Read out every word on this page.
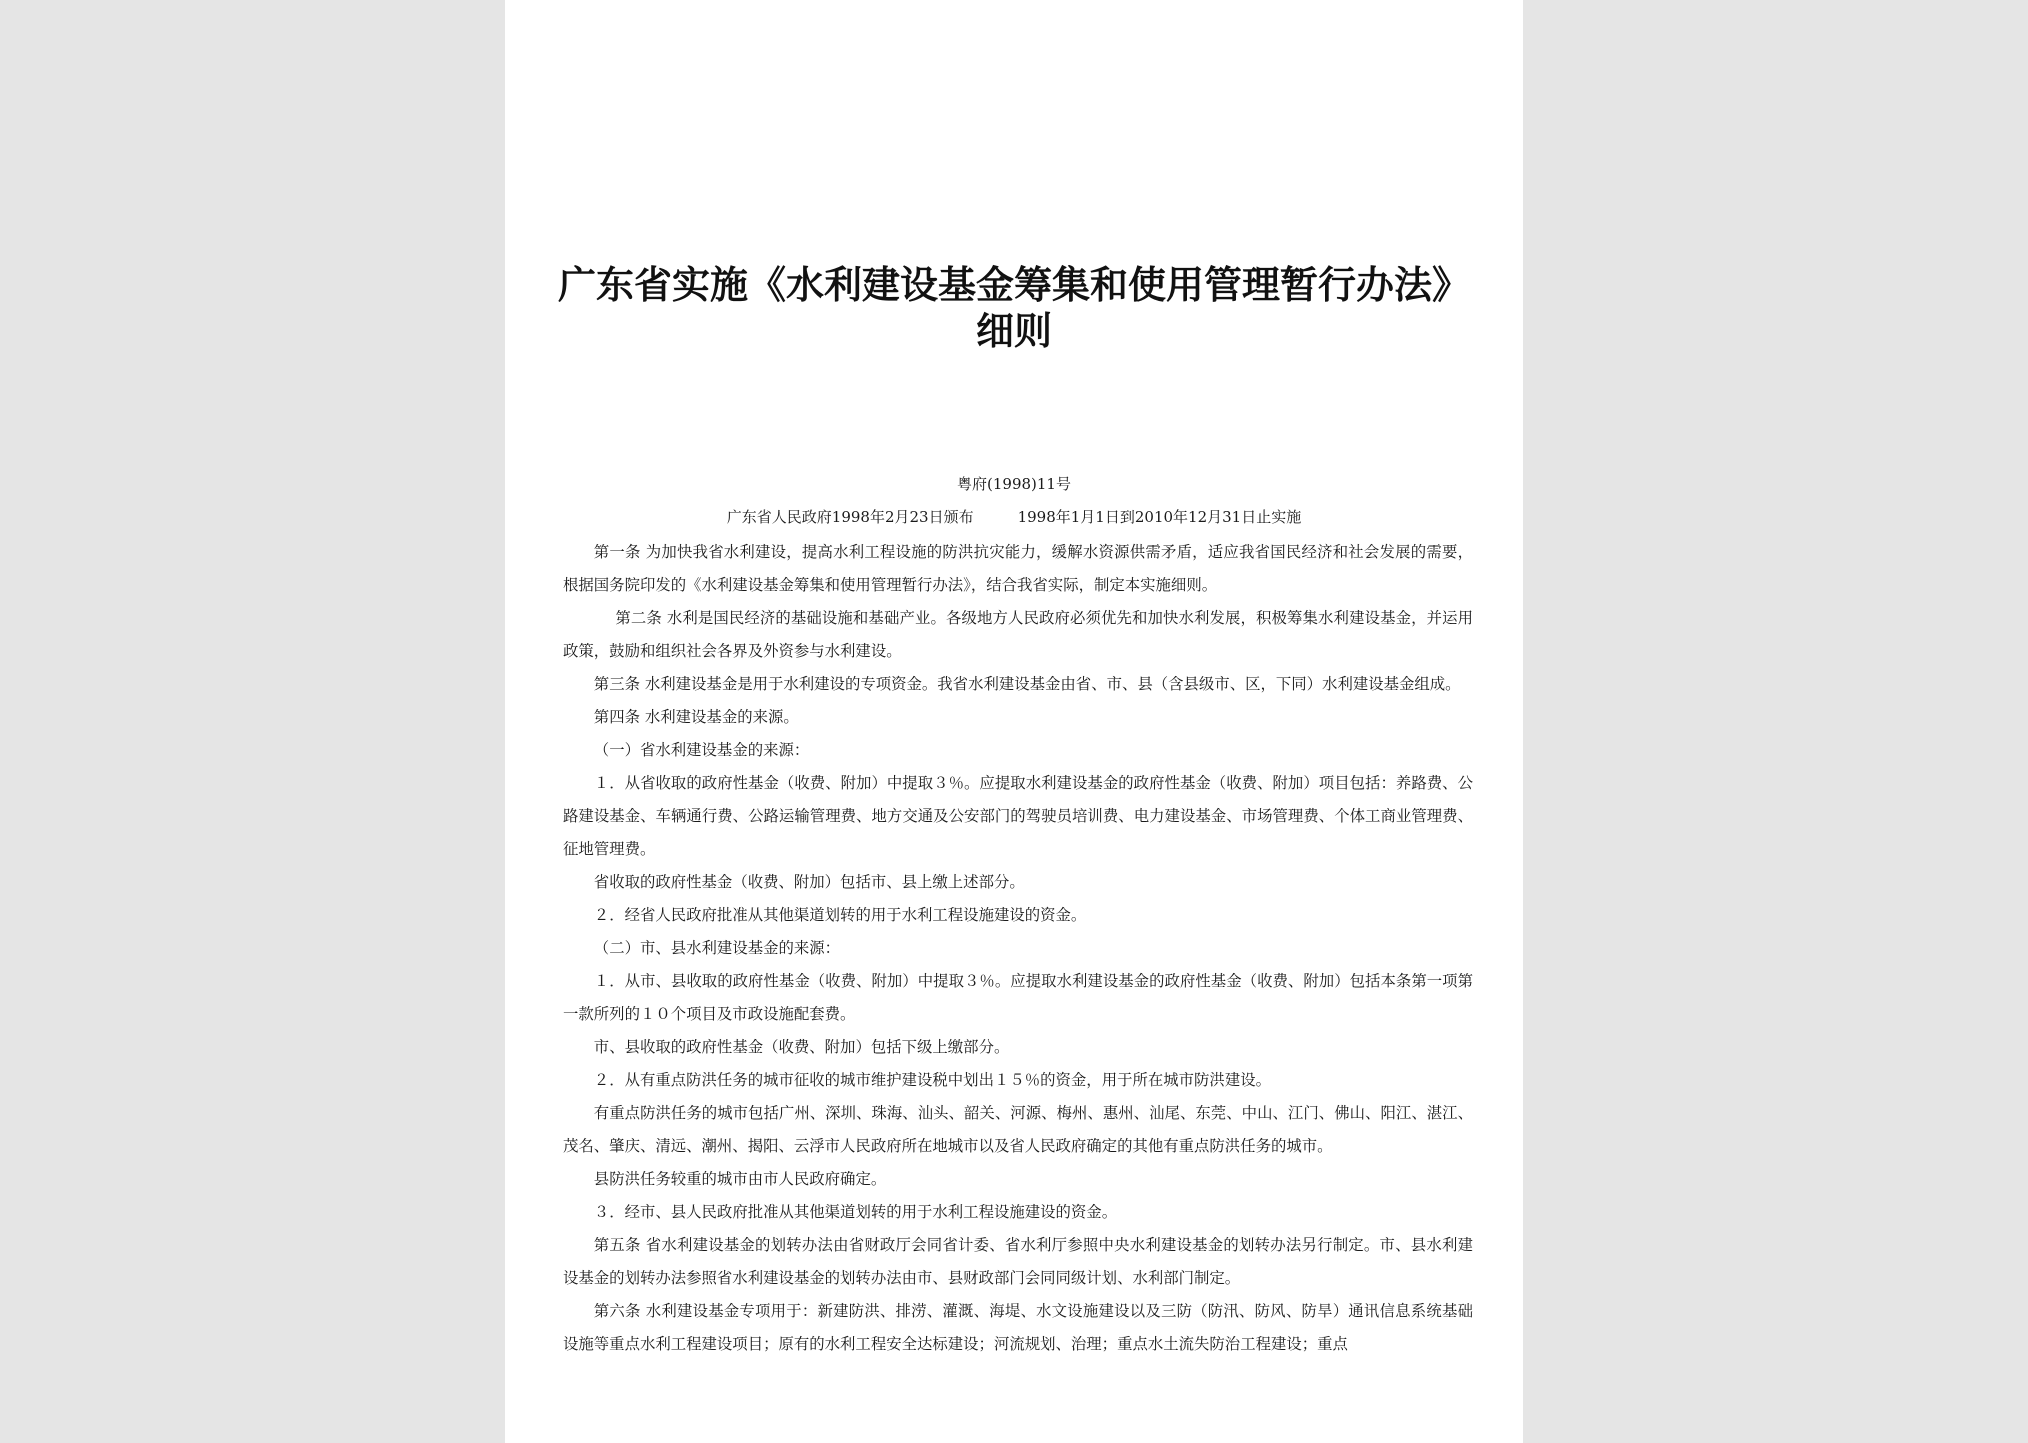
广东省实施《水利建设基金筹集和使用管理暂行办法》
细则
粤府(1998)11号
广东省人民政府1998年2月23日颁布	1998年1月1日到2010年12月31日止实施

第一条 为加快我省水利建设，提高水利工程设施的防洪抗灾能力，缓解水资源供需矛盾，适应我省国民经济和社会发展的需要，根据国务院印发的《水利建设基金筹集和使用管理暂行办法》，结合我省实际，制定本实施细则。

第二条 水利是国民经济的基础设施和基础产业。各级地方人民政府必须优先和加快水利发展，积极筹集水利建设基金，并运用政策，鼓励和组织社会各界及外资参与水利建设。

第三条 水利建设基金是用于水利建设的专项资金。我省水利建设基金由省、市、县（含县级市、区，下同）水利建设基金组成。

第四条 水利建设基金的来源。

（一）省水利建设基金的来源：

１．从省收取的政府性基金（收费、附加）中提取３％。应提取水利建设基金的政府性基金（收费、附加）项目包括：养路费、公路建设基金、车辆通行费、公路运输管理费、地方交通及公安部门的驾驶员培训费、电力建设基金、市场管理费、个体工商业管理费、征地管理费。

省收取的政府性基金（收费、附加）包括市、县上缴上述部分。

２．经省人民政府批准从其他渠道划转的用于水利工程设施建设的资金。

（二）市、县水利建设基金的来源：

１．从市、县收取的政府性基金（收费、附加）中提取３％。应提取水利建设基金的政府性基金（收费、附加）包括本条第一项第一款所列的１０个项目及市政设施配套费。

市、县收取的政府性基金（收费、附加）包括下级上缴部分。

２．从有重点防洪任务的城市征收的城市维护建设税中划出１５％的资金，用于所在城市防洪建设。

有重点防洪任务的城市包括广州、深圳、珠海、汕头、韶关、河源、梅州、惠州、汕尾、东莞、中山、江门、佛山、阳江、湛江、茂名、肇庆、清远、潮州、揭阳、云浮市人民政府所在地城市以及省人民政府确定的其他有重点防洪任务的城市。

县防洪任务较重的城市由市人民政府确定。

３．经市、县人民政府批准从其他渠道划转的用于水利工程设施建设的资金。

第五条 省水利建设基金的划转办法由省财政厅会同省计委、省水利厅参照中央水利建设基金的划转办法另行制定。市、县水利建设基金的划转办法参照省水利建设基金的划转办法由市、县财政部门会同同级计划、水利部门制定。

第六条 水利建设基金专项用于：新建防洪、排涝、灌溉、海堤、水文设施建设以及三防（防汛、防风、防旱）通讯信息系统基础设施等重点水利工程建设项目；原有的水利工程安全达标建设；河流规划、治理；重点水土流失防治工程建设；重点
